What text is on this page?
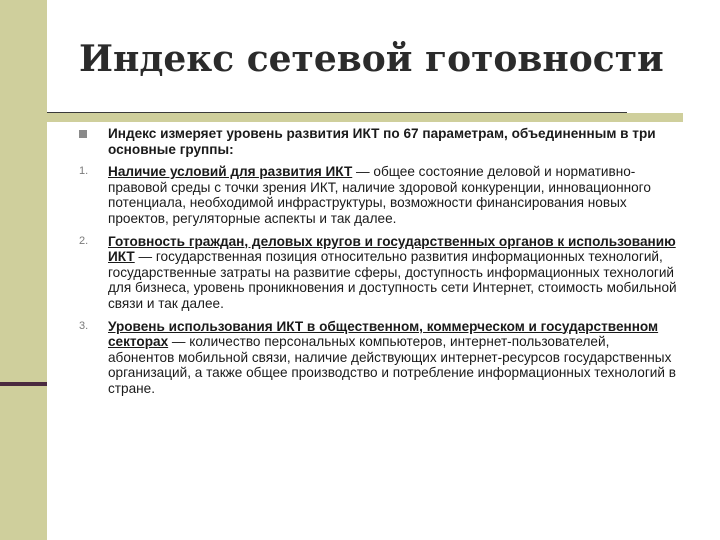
Индекс сетевой готовности
Индекс измеряет уровень развития ИКТ по 67 параметрам, объединенным в три основные группы:
1.	Наличие условий для развития ИКТ — общее состояние деловой и нормативно-правовой среды с точки зрения ИКТ, наличие здоровой конкуренции, инновационного потенциала, необходимой инфраструктуры, возможности финансирования новых проектов, регуляторные аспекты и так далее.
2.	Готовность граждан, деловых кругов и государственных органов к использованию ИКТ — государственная позиция относительно развития информационных технологий, государственные затраты на развитие сферы, доступность информационных технологий для бизнеса, уровень проникновения и доступность сети Интернет, стоимость мобильной связи и так далее.
3.	Уровень использования ИКТ в общественном, коммерческом и государственном секторах — количество персональных компьютеров, интернет-пользователей, абонентов мобильной связи, наличие действующих интернет-ресурсов государственных организаций, а также общее производство и потребление информационных технологий в стране.
